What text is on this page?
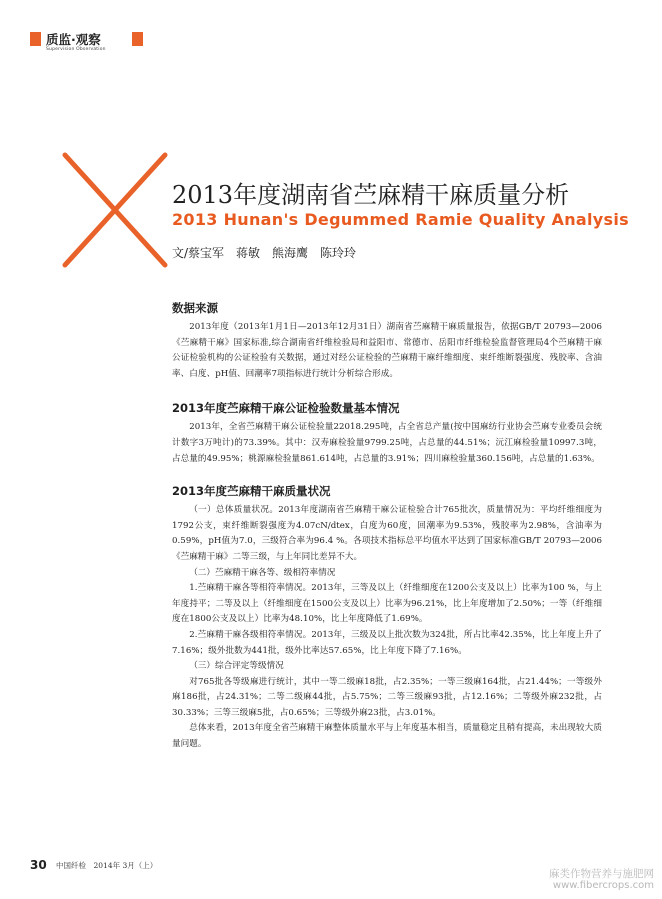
质监·观察
Supervision Observation
2013年度湖南省苎麻精干麻质量分析
2013 Hunan's Degummed Ramie Quality Analysis
文/蔡宝军　蒋敏　熊海鹰　陈玲玲
数据来源

2013年度（2013年1月1日—2013年12月31日）湖南省苎麻精干麻质量报告，依据GB/T 20793—2006《苎麻精干麻》国家标准,综合湖南省纤维检验局和益阳市、常德市、岳阳市纤维检验监督管理局4个苎麻精干麻公证检验机构的公证检验有关数据，通过对经公证检验的苎麻精干麻纤维细度、束纤维断裂强度、残胶率、含油率、白度、pH值、回潮率7项指标进行统计分析综合形成。

2013年度苎麻精干麻公证检验数量基本情况

2013年，全省苎麻精干麻公证检验量22018.295吨，占全省总产量(按中国麻纺行业协会苎麻专业委员会统计数字3万吨计)的73.39%。其中：汉寿麻检验量9799.25吨，占总量的44.51%；沅江麻检验量10997.3吨，占总量的49.95%；桃源麻检验量861.614吨，占总量的3.91%；四川麻检验量360.156吨，占总量的1.63%。

2013年度苎麻精干麻质量状况

（一）总体质量状况。2013年度湖南省苎麻精干麻公证检验合计765批次，质量情况为：平均纤维细度为1792公支，束纤维断裂强度为4.07cN/dtex，白度为60度，回潮率为9.53%，残胶率为2.98%，含油率为0.59%，pH值为7.0，三级符合率为96.4 %。各项技术指标总平均值水平达到了国家标准GB/T 20793—2006《苎麻精干麻》二等三级，与上年同比差异不大。

（二）苎麻精干麻各等、级相符率情况

1.苎麻精干麻各等相符率情况。2013年，三等及以上（纤维细度在1200公支及以上）比率为100 %，与上年度持平；二等及以上（纤维细度在1500公支及以上）比率为96.21%，比上年度增加了2.50%；一等（纤维细度在1800公支及以上）比率为48.10%，比上年度降低了1.69%。

2.苎麻精干麻各级相符率情况。2013年，三级及以上批次数为324批，所占比率42.35%，比上年度上升了7.16%；级外批数为441批，级外比率达57.65%，比上年度下降了7.16%。

（三）综合评定等级情况

对765批各等级麻进行统计，其中一等二级麻18批，占2.35%；一等三级麻164批，占21.44%；一等级外麻186批，占24.31%；二等二级麻44批，占5.75%；二等三级麻93批，占12.16%；二等级外麻232批，占30.33%；三等三级麻5批，占0.65%；三等级外麻23批，占3.01%。

总体来看，2013年度全省苎麻精干麻整体质量水平与上年度基本相当，质量稳定且稍有提高，未出现较大质量问题。

30 中国纤检　2014年 3月（上）
麻类作物营养与施肥网
www.fibercrops.com
